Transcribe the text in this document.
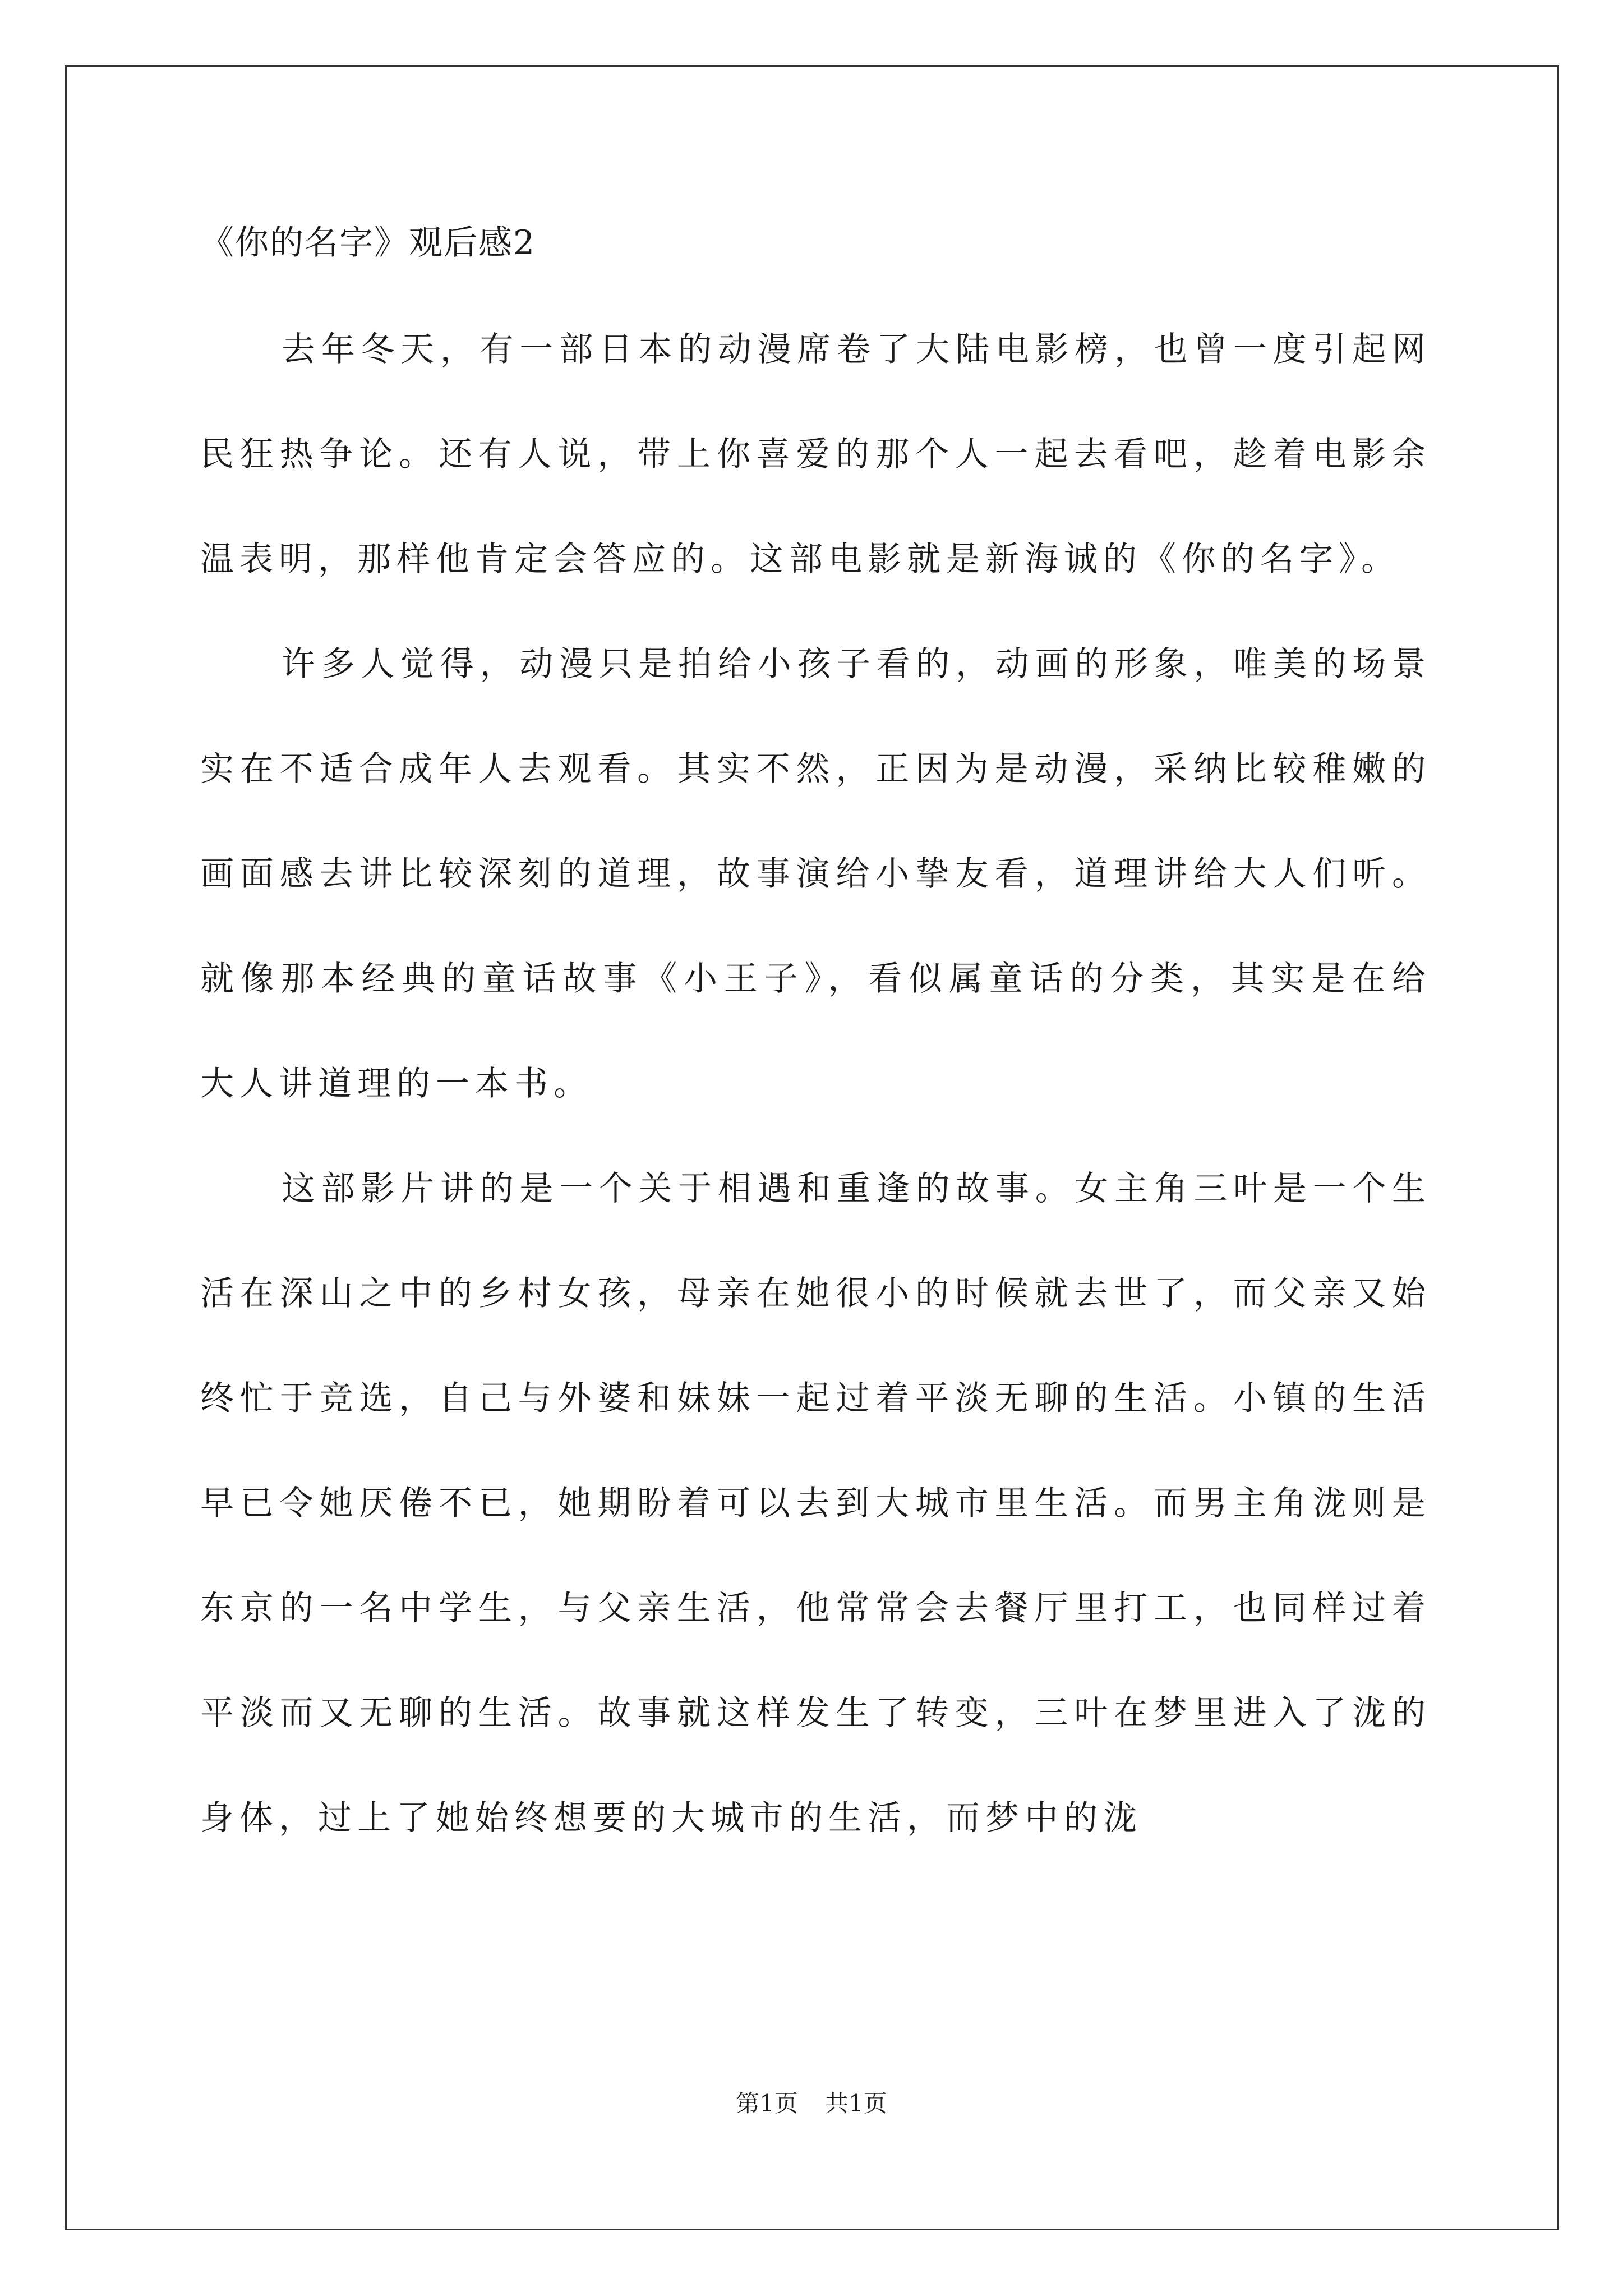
《你的名字》观后感2

去年冬天，有一部日本的动漫席卷了大陆电影榜，也曾一度引起网民狂热争论。还有人说，带上你喜爱的那个人一起去看吧，趁着电影余温表明，那样他肯定会答应的。这部电影就是新海诚的《你的名字》。

许多人觉得，动漫只是拍给小孩子看的，动画的形象，唯美的场景实在不适合成年人去观看。其实不然，正因为是动漫，采纳比较稚嫩的画面感去讲比较深刻的道理，故事演给小挚友看，道理讲给大人们听。就像那本经典的童话故事《小王子》，看似属童话的分类，其实是在给大人讲道理的一本书。

这部影片讲的是一个关于相遇和重逢的故事。女主角三叶是一个生活在深山之中的乡村女孩，母亲在她很小的时候就去世了，而父亲又始终忙于竞选，自己与外婆和妹妹一起过着平淡无聊的生活。小镇的生活早已令她厌倦不已，她期盼着可以去到大城市里生活。而男主角泷则是东京的一名中学生，与父亲生活，他常常会去餐厅里打工，也同样过着平淡而又无聊的生活。故事就这样发生了转变，三叶在梦里进入了泷的身体，过上了她始终想要的大城市的生活，而梦中的泷

第1页 共1页
